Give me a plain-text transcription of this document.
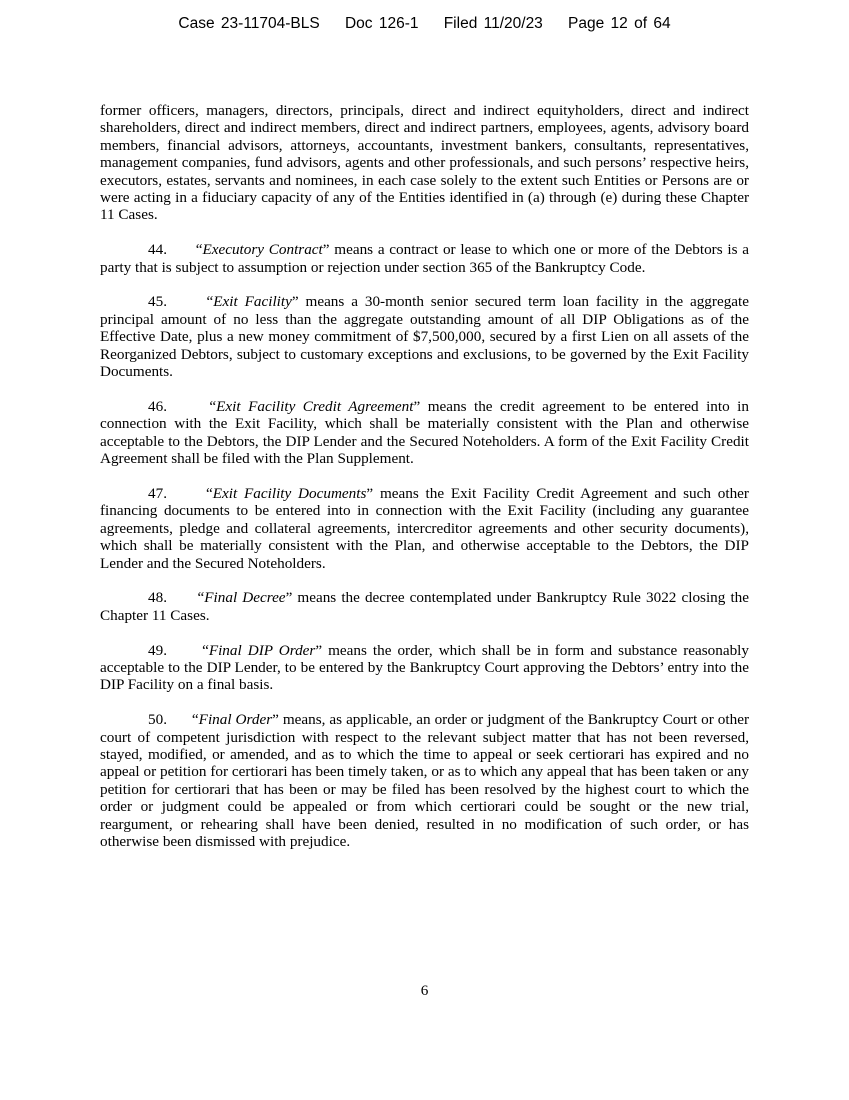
Case 23-11704-BLS Doc 126-1 Filed 11/20/23 Page 12 of 64

former officers, managers, directors, principals, direct and indirect equityholders, direct and indirect shareholders, direct and indirect members, direct and indirect partners, employees, agents, advisory board members, financial advisors, attorneys, accountants, investment bankers, consultants, representatives, management companies, fund advisors, agents and other professionals, and such persons’ respective heirs, executors, estates, servants and nominees, in each case solely to the extent such Entities or Persons are or were acting in a fiduciary capacity of any of the Entities identified in (a) through (e) during these Chapter 11 Cases.

44. “Executory Contract” means a contract or lease to which one or more of the Debtors is a party that is subject to assumption or rejection under section 365 of the Bankruptcy Code.

45.	“Exit Facility” means a 30-month senior secured term loan facility in the aggregate principal amount of no less than the aggregate outstanding amount of all DIP Obligations as of the Effective Date, plus a new money commitment of $7,500,000, secured by a first Lien on all assets of the Reorganized Debtors, subject to customary exceptions and exclusions, to be governed by the Exit Facility Documents.

46.	“Exit Facility Credit Agreement” means the credit agreement to be entered into in connection with the Exit Facility, which shall be materially consistent with the Plan and otherwise acceptable to the Debtors, the DIP Lender and the Secured Noteholders. A form of the Exit Facility Credit Agreement shall be filed with the Plan Supplement.

47.	“Exit Facility Documents” means the Exit Facility Credit Agreement and such other financing documents to be entered into in connection with the Exit Facility (including any guarantee agreements, pledge and collateral agreements, intercreditor agreements and other security documents), which shall be materially consistent with the Plan, and otherwise acceptable to the Debtors, the DIP Lender and the Secured Noteholders.

48. “Final Decree” means the decree contemplated under Bankruptcy Rule 3022 closing the Chapter 11 Cases.

49. “Final DIP Order” means the order, which shall be in form and substance reasonably acceptable to the DIP Lender, to be entered by the Bankruptcy Court approving the Debtors’ entry into the DIP Facility on a final basis.

50. “Final Order” means, as applicable, an order or judgment of the Bankruptcy Court or other court of competent jurisdiction with respect to the relevant subject matter that has not been reversed, stayed, modified, or amended, and as to which the time to appeal or seek certiorari has expired and no appeal or petition for certiorari has been timely taken, or as to which any appeal that has been taken or any petition for certiorari that has been or may be filed has been resolved by the highest court to which the order or judgment could be appealed or from which certiorari could be sought or the new trial, reargument, or rehearing shall have been denied, resulted in no modification of such order, or has otherwise been dismissed with prejudice.

6
